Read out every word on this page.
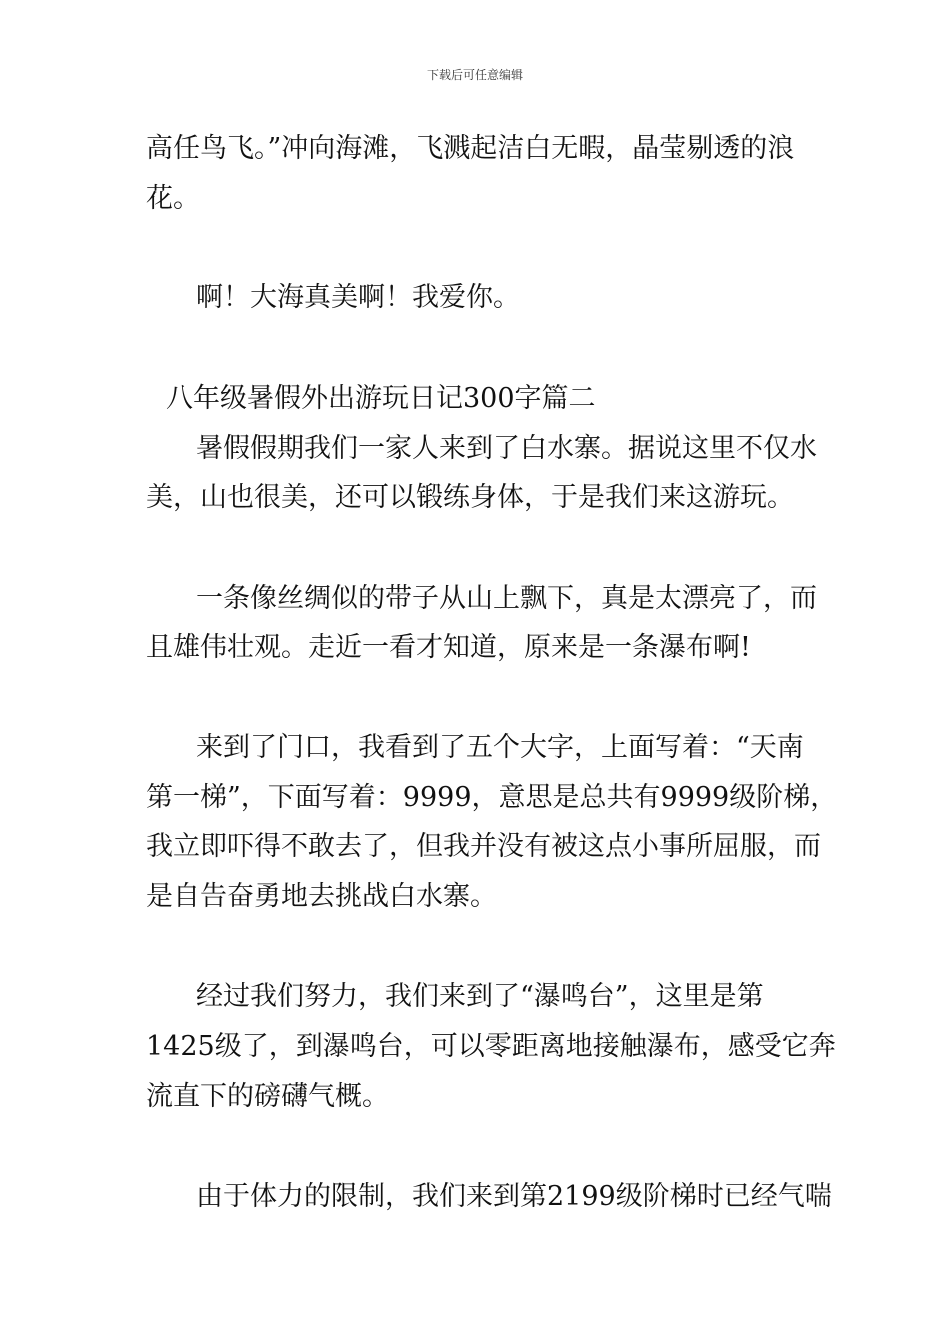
下载后可任意编辑

高任鸟飞。”冲向海滩，飞溅起洁白无暇，晶莹剔透的浪

花。

啊！大海真美啊！我爱你。

八年级暑假外出游玩日记300字篇二

暑假假期我们一家人来到了白水寨。据说这里不仅水

美，山也很美，还可以锻练身体，于是我们来这游玩。

一条像丝绸似的带子从山上飘下，真是太漂亮了，而

且雄伟壮观。走近一看才知道，原来是一条瀑布啊!

来到了门口，我看到了五个大字，上面写着：“天南

第一梯”，下面写着：9999，意思是总共有9999级阶梯，

我立即吓得不敢去了，但我并没有被这点小事所屈服，而

是自告奋勇地去挑战白水寨。

经过我们努力，我们来到了“瀑鸣台”，这里是第

1425级了，到瀑鸣台，可以零距离地接触瀑布，感受它奔

流直下的磅礴气概。

由于体力的限制，我们来到第2199级阶梯时已经气喘
